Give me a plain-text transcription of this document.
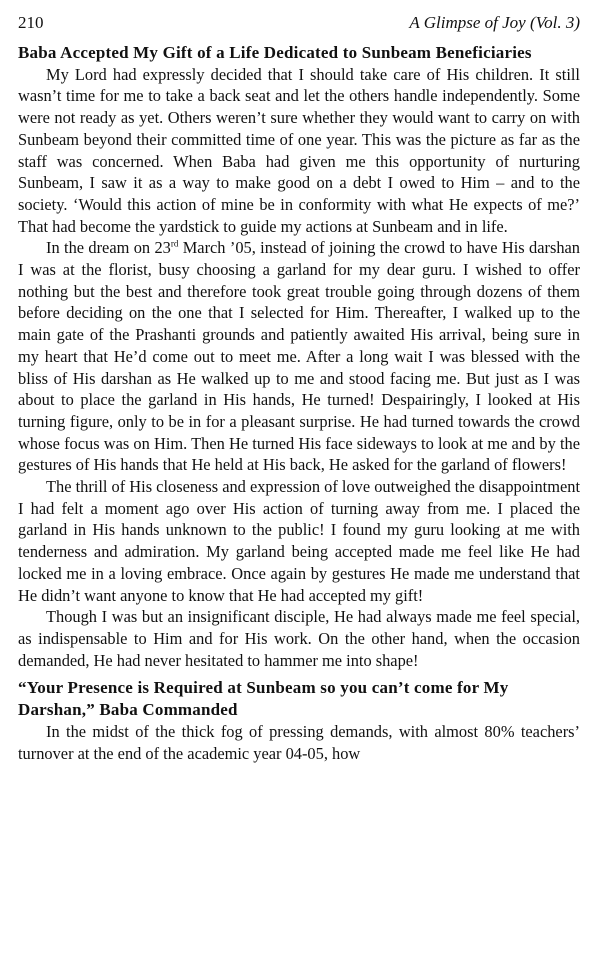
210	A Glimpse of Joy (Vol. 3)
Baba Accepted My Gift of a Life Dedicated to Sunbeam Beneficiaries

My Lord had expressly decided that I should take care of His children. It still wasn’t time for me to take a back seat and let the others handle independently. Some were not ready as yet. Others weren’t sure whether they would want to carry on with Sunbeam beyond their committed time of one year. This was the picture as far as the staff was concerned. When Baba had given me this opportunity of nurturing Sunbeam, I saw it as a way to make good on a debt I owed to Him – and to the society. ‘Would this action of mine be in conformity with what He expects of me?’ That had become the yardstick to guide my actions at Sunbeam and in life.

In the dream on 23rd March ’05, instead of joining the crowd to have His darshan I was at the florist, busy choosing a garland for my dear guru. I wished to offer nothing but the best and therefore took great trouble going through dozens of them before deciding on the one that I selected for Him. Thereafter, I walked up to the main gate of the Prashanti grounds and patiently awaited His arrival, being sure in my heart that He’d come out to meet me. After a long wait I was blessed with the bliss of His darshan as He walked up to me and stood facing me. But just as I was about to place the garland in His hands, He turned! Despairingly, I looked at His turning figure, only to be in for a pleasant surprise. He had turned towards the crowd whose focus was on Him. Then He turned His face sideways to look at me and by the gestures of His hands that He held at His back, He asked for the garland of flowers!

The thrill of His closeness and expression of love outweighed the disappointment I had felt a moment ago over His action of turning away from me. I placed the garland in His hands unknown to the public! I found my guru looking at me with tenderness and admiration. My garland being accepted made me feel like He had locked me in a loving embrace. Once again by gestures He made me understand that He didn’t want anyone to know that He had accepted my gift!

Though I was but an insignificant disciple, He had always made me feel special, as indispensable to Him and for His work. On the other hand, when the occasion demanded, He had never hesitated to hammer me into shape!

“Your Presence is Required at Sunbeam so you can’t come for My Darshan,” Baba Commanded

In the midst of the thick fog of pressing demands, with almost 80% teachers’ turnover at the end of the academic year 04-05, how
